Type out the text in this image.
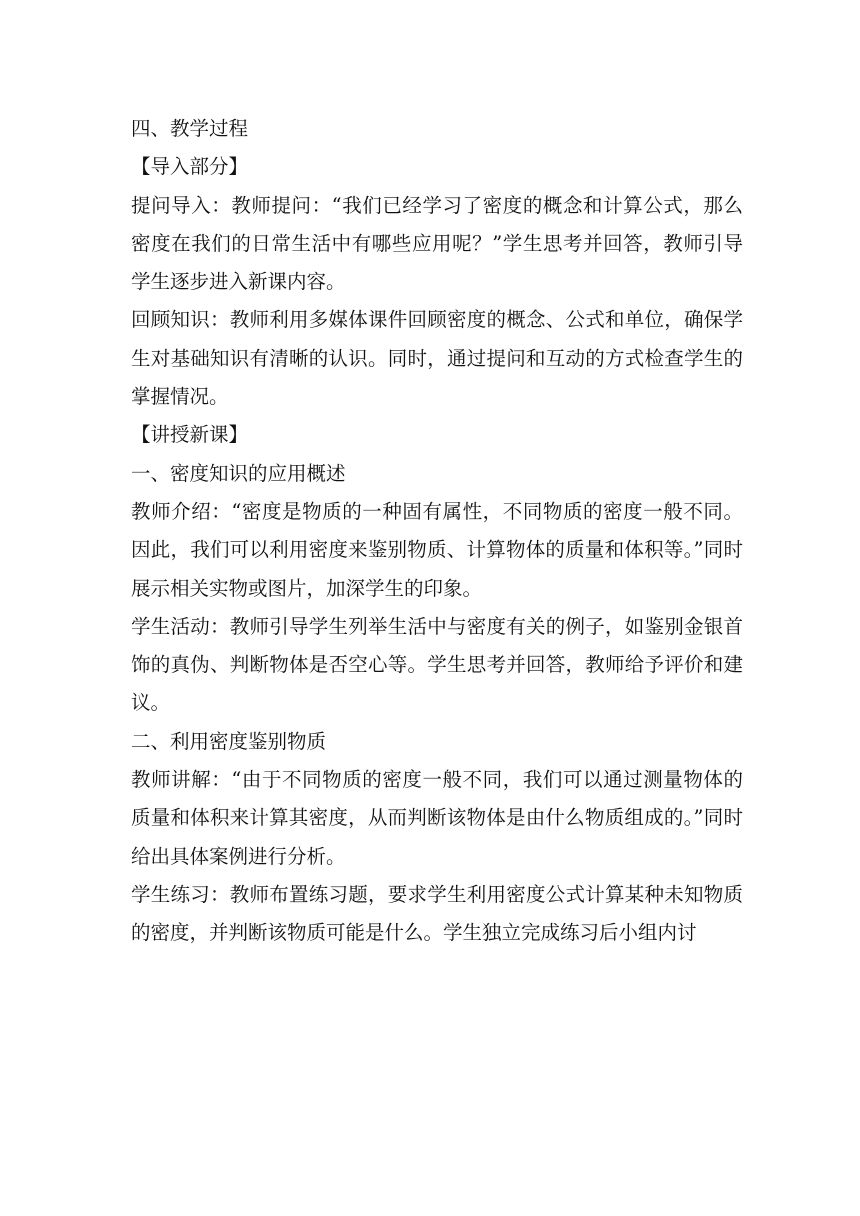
四、教学过程

【导入部分】

提问导入：教师提问：“我们已经学习了密度的概念和计算公式，那么密度在我们的日常生活中有哪些应用呢？”学生思考并回答，教师引导学生逐步进入新课内容。

回顾知识：教师利用多媒体课件回顾密度的概念、公式和单位，确保学生对基础知识有清晰的认识。同时，通过提问和互动的方式检查学生的掌握情况。

【讲授新课】

一、密度知识的应用概述

教师介绍：“密度是物质的一种固有属性，不同物质的密度一般不同。因此，我们可以利用密度来鉴别物质、计算物体的质量和体积等。”同时展示相关实物或图片，加深学生的印象。

学生活动：教师引导学生列举生活中与密度有关的例子，如鉴别金银首饰的真伪、判断物体是否空心等。学生思考并回答，教师给予评价和建议。

二、利用密度鉴别物质

教师讲解：“由于不同物质的密度一般不同，我们可以通过测量物体的质量和体积来计算其密度，从而判断该物体是由什么物质组成的。”同时给出具体案例进行分析。

学生练习：教师布置练习题，要求学生利用密度公式计算某种未知物质的密度，并判断该物质可能是什么。学生独立完成练习后小组内讨
